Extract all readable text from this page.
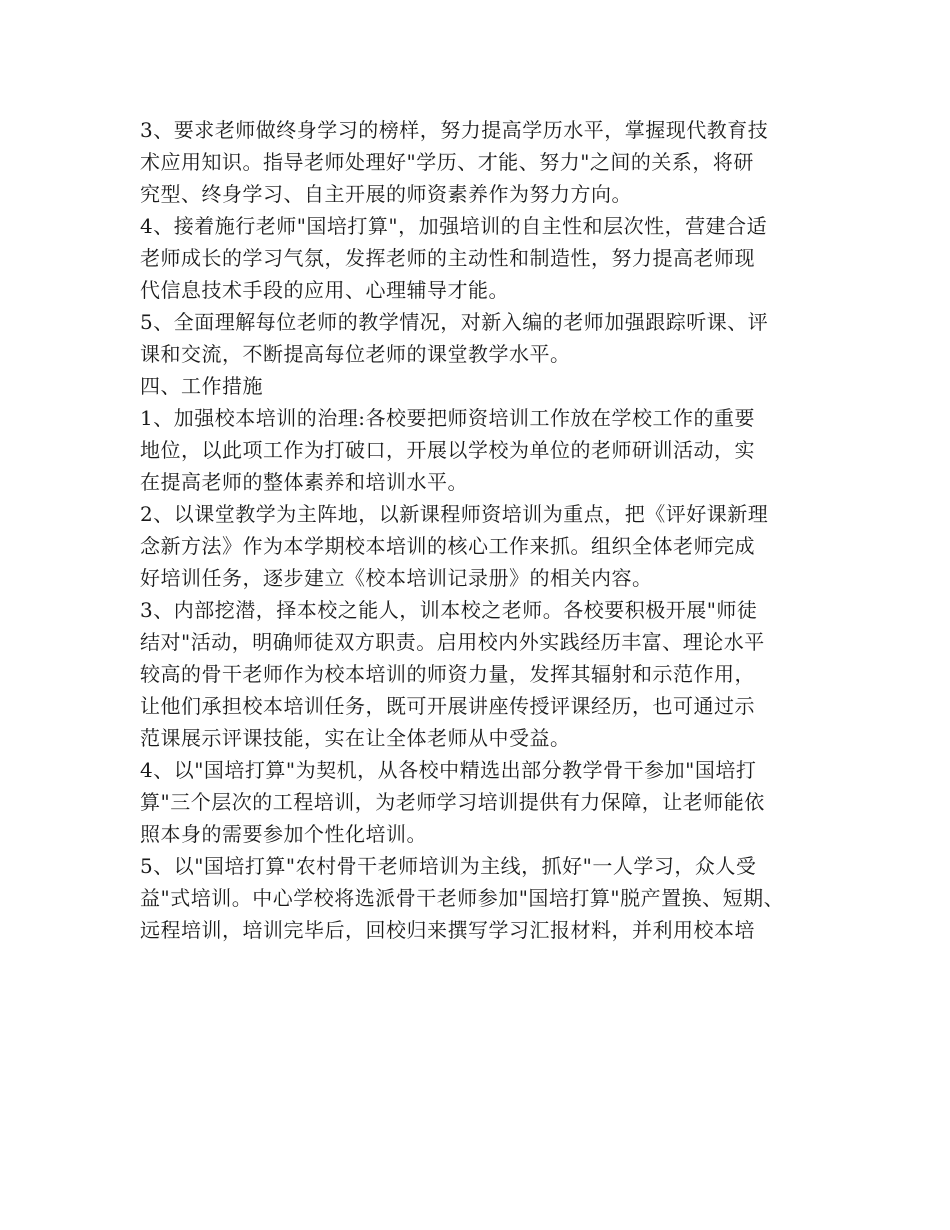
3、要求老师做终身学习的榜样，努力提高学历水平，掌握现代教育技
术应用知识。指导老师处理好"学历、才能、努力"之间的关系，将研
究型、终身学习、自主开展的师资素养作为努力方向。
4、接着施行老师"国培打算"，加强培训的自主性和层次性，营建合适
老师成长的学习气氛，发挥老师的主动性和制造性，努力提高老师现
代信息技术手段的应用、心理辅导才能。
5、全面理解每位老师的教学情况，对新入编的老师加强跟踪听课、评
课和交流，不断提高每位老师的课堂教学水平。
四、工作措施
1、加强校本培训的治理:各校要把师资培训工作放在学校工作的重要
地位，以此项工作为打破口，开展以学校为单位的老师研训活动，实
在提高老师的整体素养和培训水平。
2、以课堂教学为主阵地，以新课程师资培训为重点，把《评好课新理
念新方法》作为本学期校本培训的核心工作来抓。组织全体老师完成
好培训任务，逐步建立《校本培训记录册》的相关内容。
3、内部挖潜，择本校之能人，训本校之老师。各校要积极开展"师徒
结对"活动，明确师徒双方职责。启用校内外实践经历丰富、理论水平
较高的骨干老师作为校本培训的师资力量，发挥其辐射和示范作用，
让他们承担校本培训任务，既可开展讲座传授评课经历，也可通过示
范课展示评课技能，实在让全体老师从中受益。
4、以"国培打算"为契机，从各校中精选出部分教学骨干参加"国培打
算"三个层次的工程培训，为老师学习培训提供有力保障，让老师能依
照本身的需要参加个性化培训。
5、以"国培打算"农村骨干老师培训为主线，抓好"一人学习，众人受
益"式培训。中心学校将选派骨干老师参加"国培打算"脱产置换、短期、
远程培训，培训完毕后，回校归来撰写学习汇报材料，并利用校本培
